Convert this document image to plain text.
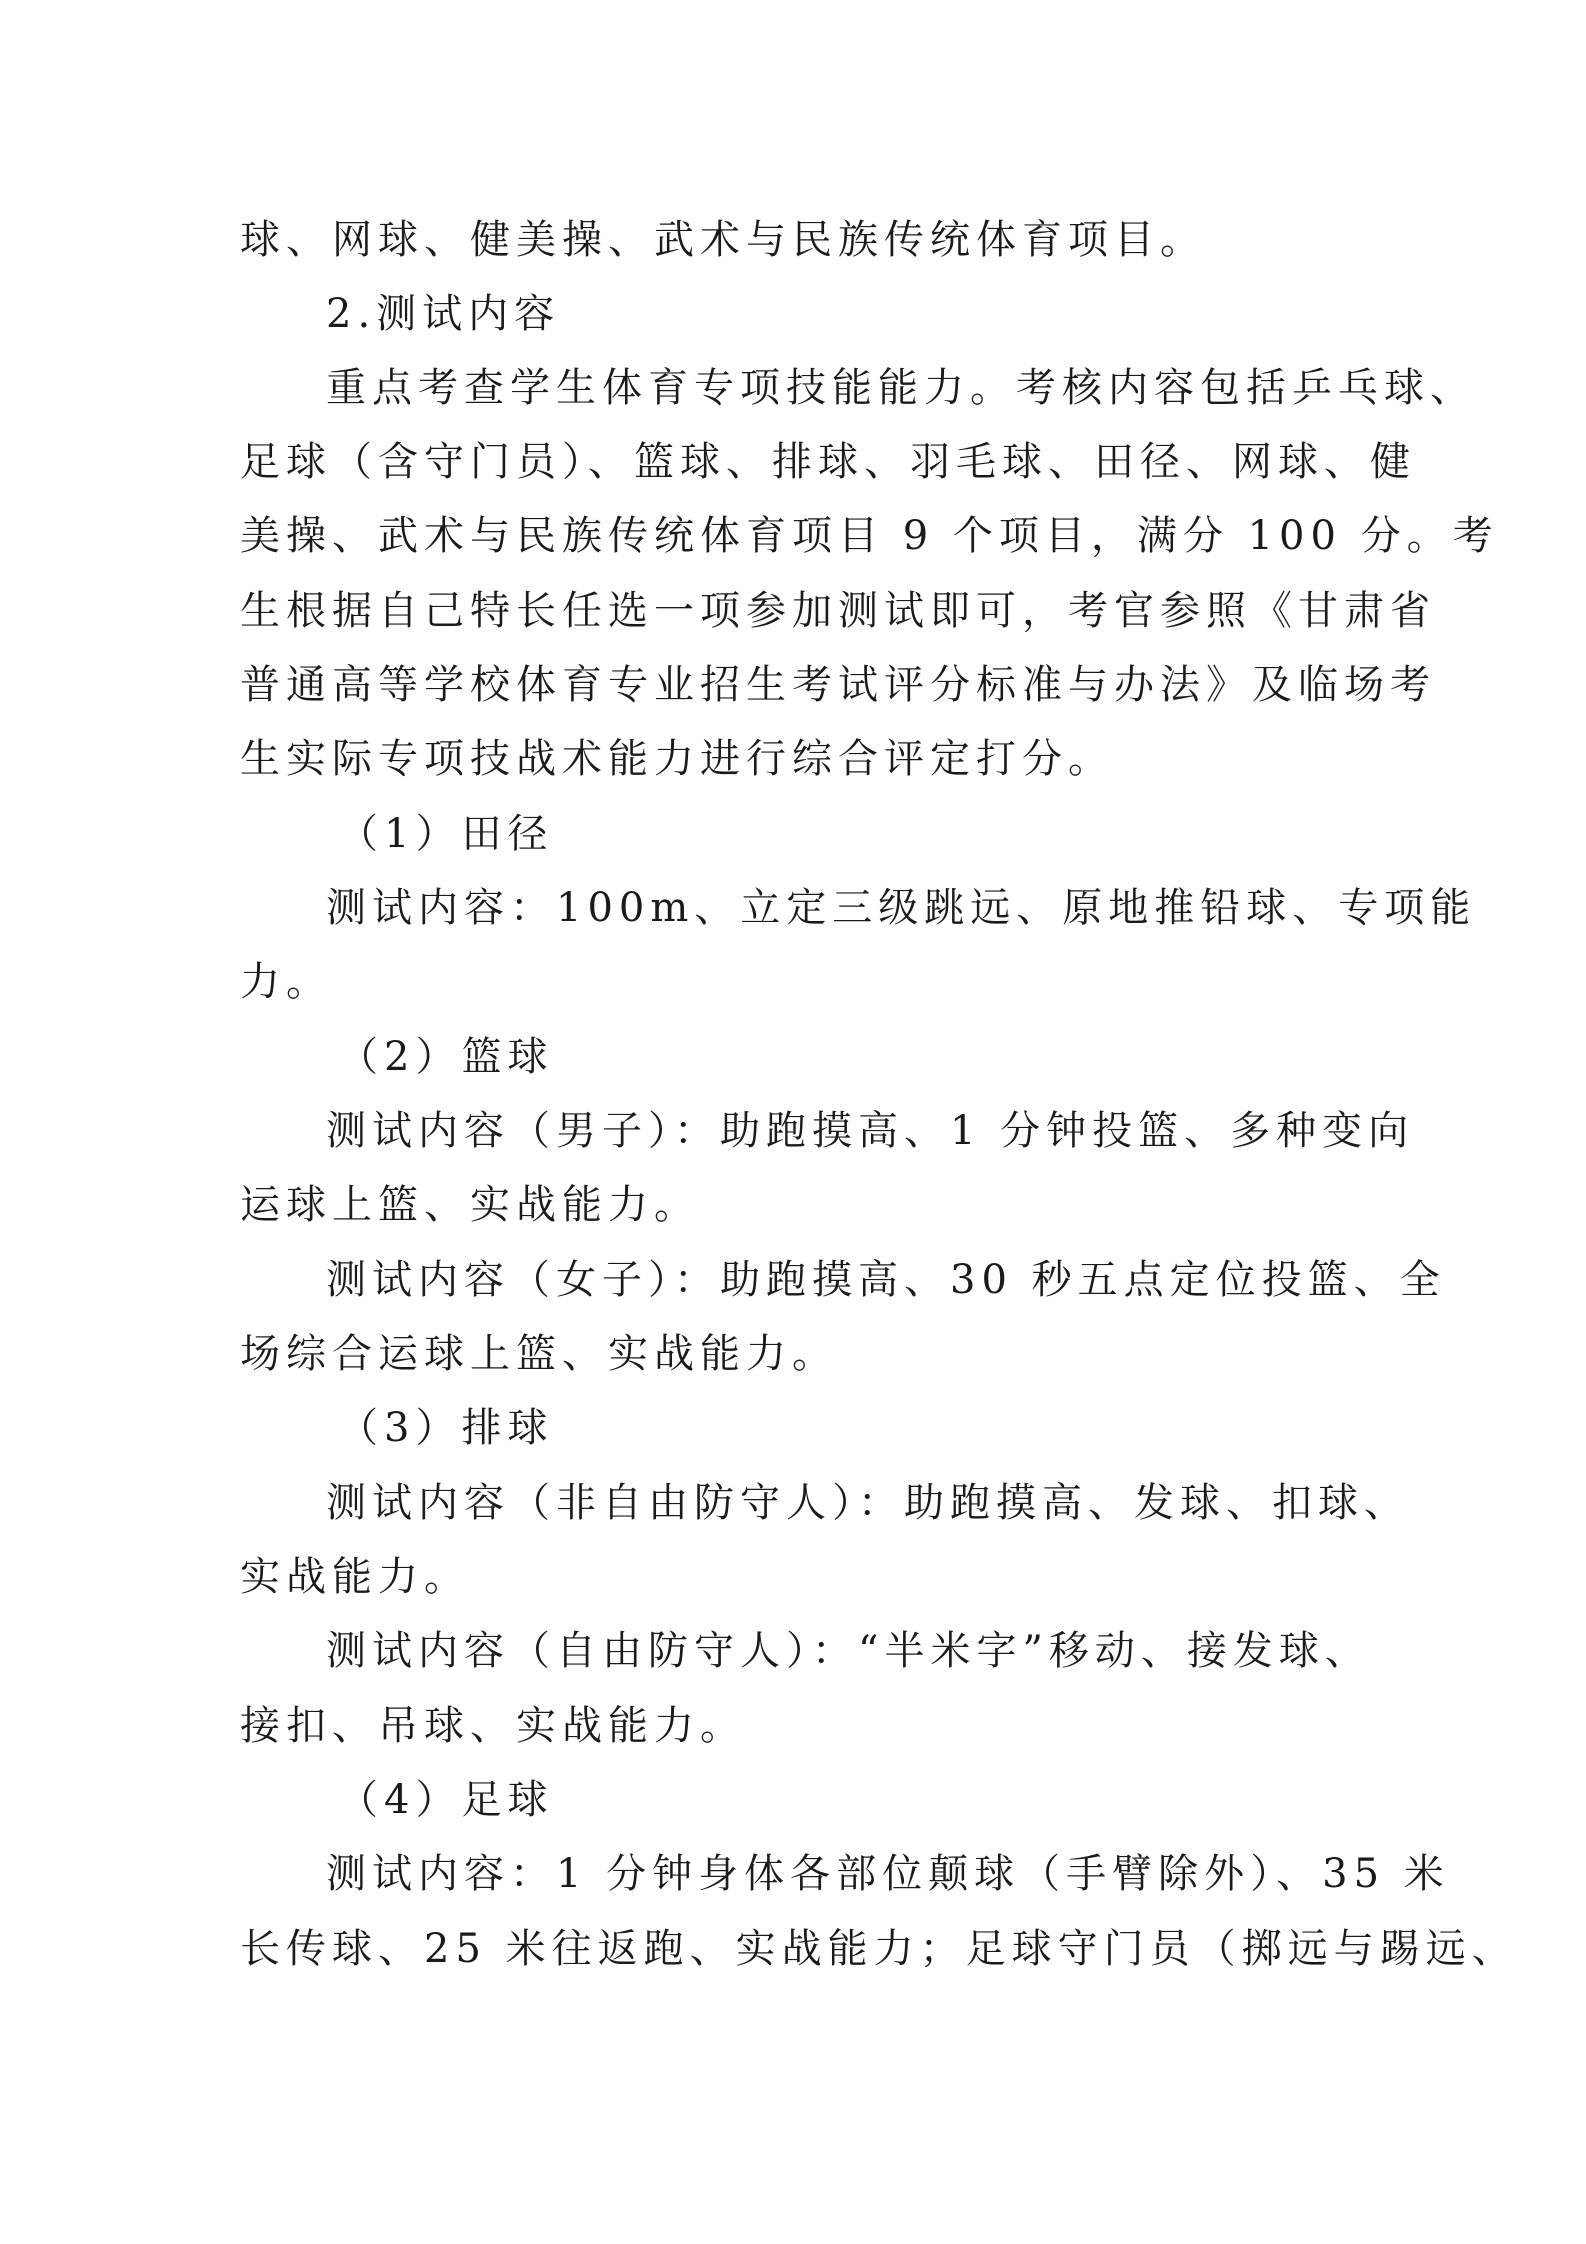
球、网球、健美操、武术与民族传统体育项目。

2.测试内容

重点考查学生体育专项技能能力。考核内容包括乒乓球、

足球（含守门员）、篮球、排球、羽毛球、田径、网球、健

美操、武术与民族传统体育项目 9 个项目，满分 100 分。考

生根据自己特长任选一项参加测试即可，考官参照《甘肃省

普通高等学校体育专业招生考试评分标准与办法》及临场考

生实际专项技战术能力进行综合评定打分。

（1）田径

测试内容：100m、立定三级跳远、原地推铅球、专项能

力。

（2）篮球

测试内容（男子）：助跑摸高、1 分钟投篮、多种变向

运球上篮、实战能力。

测试内容（女子）：助跑摸高、30 秒五点定位投篮、全

场综合运球上篮、实战能力。

（3）排球

测试内容（非自由防守人）：助跑摸高、发球、扣球、

实战能力。

测试内容（自由防守人）：“半米字”移动、接发球、

接扣、吊球、实战能力。

（4）足球

测试内容：1 分钟身体各部位颠球（手臂除外）、35 米

长传球、25 米往返跑、实战能力；足球守门员（掷远与踢远、
